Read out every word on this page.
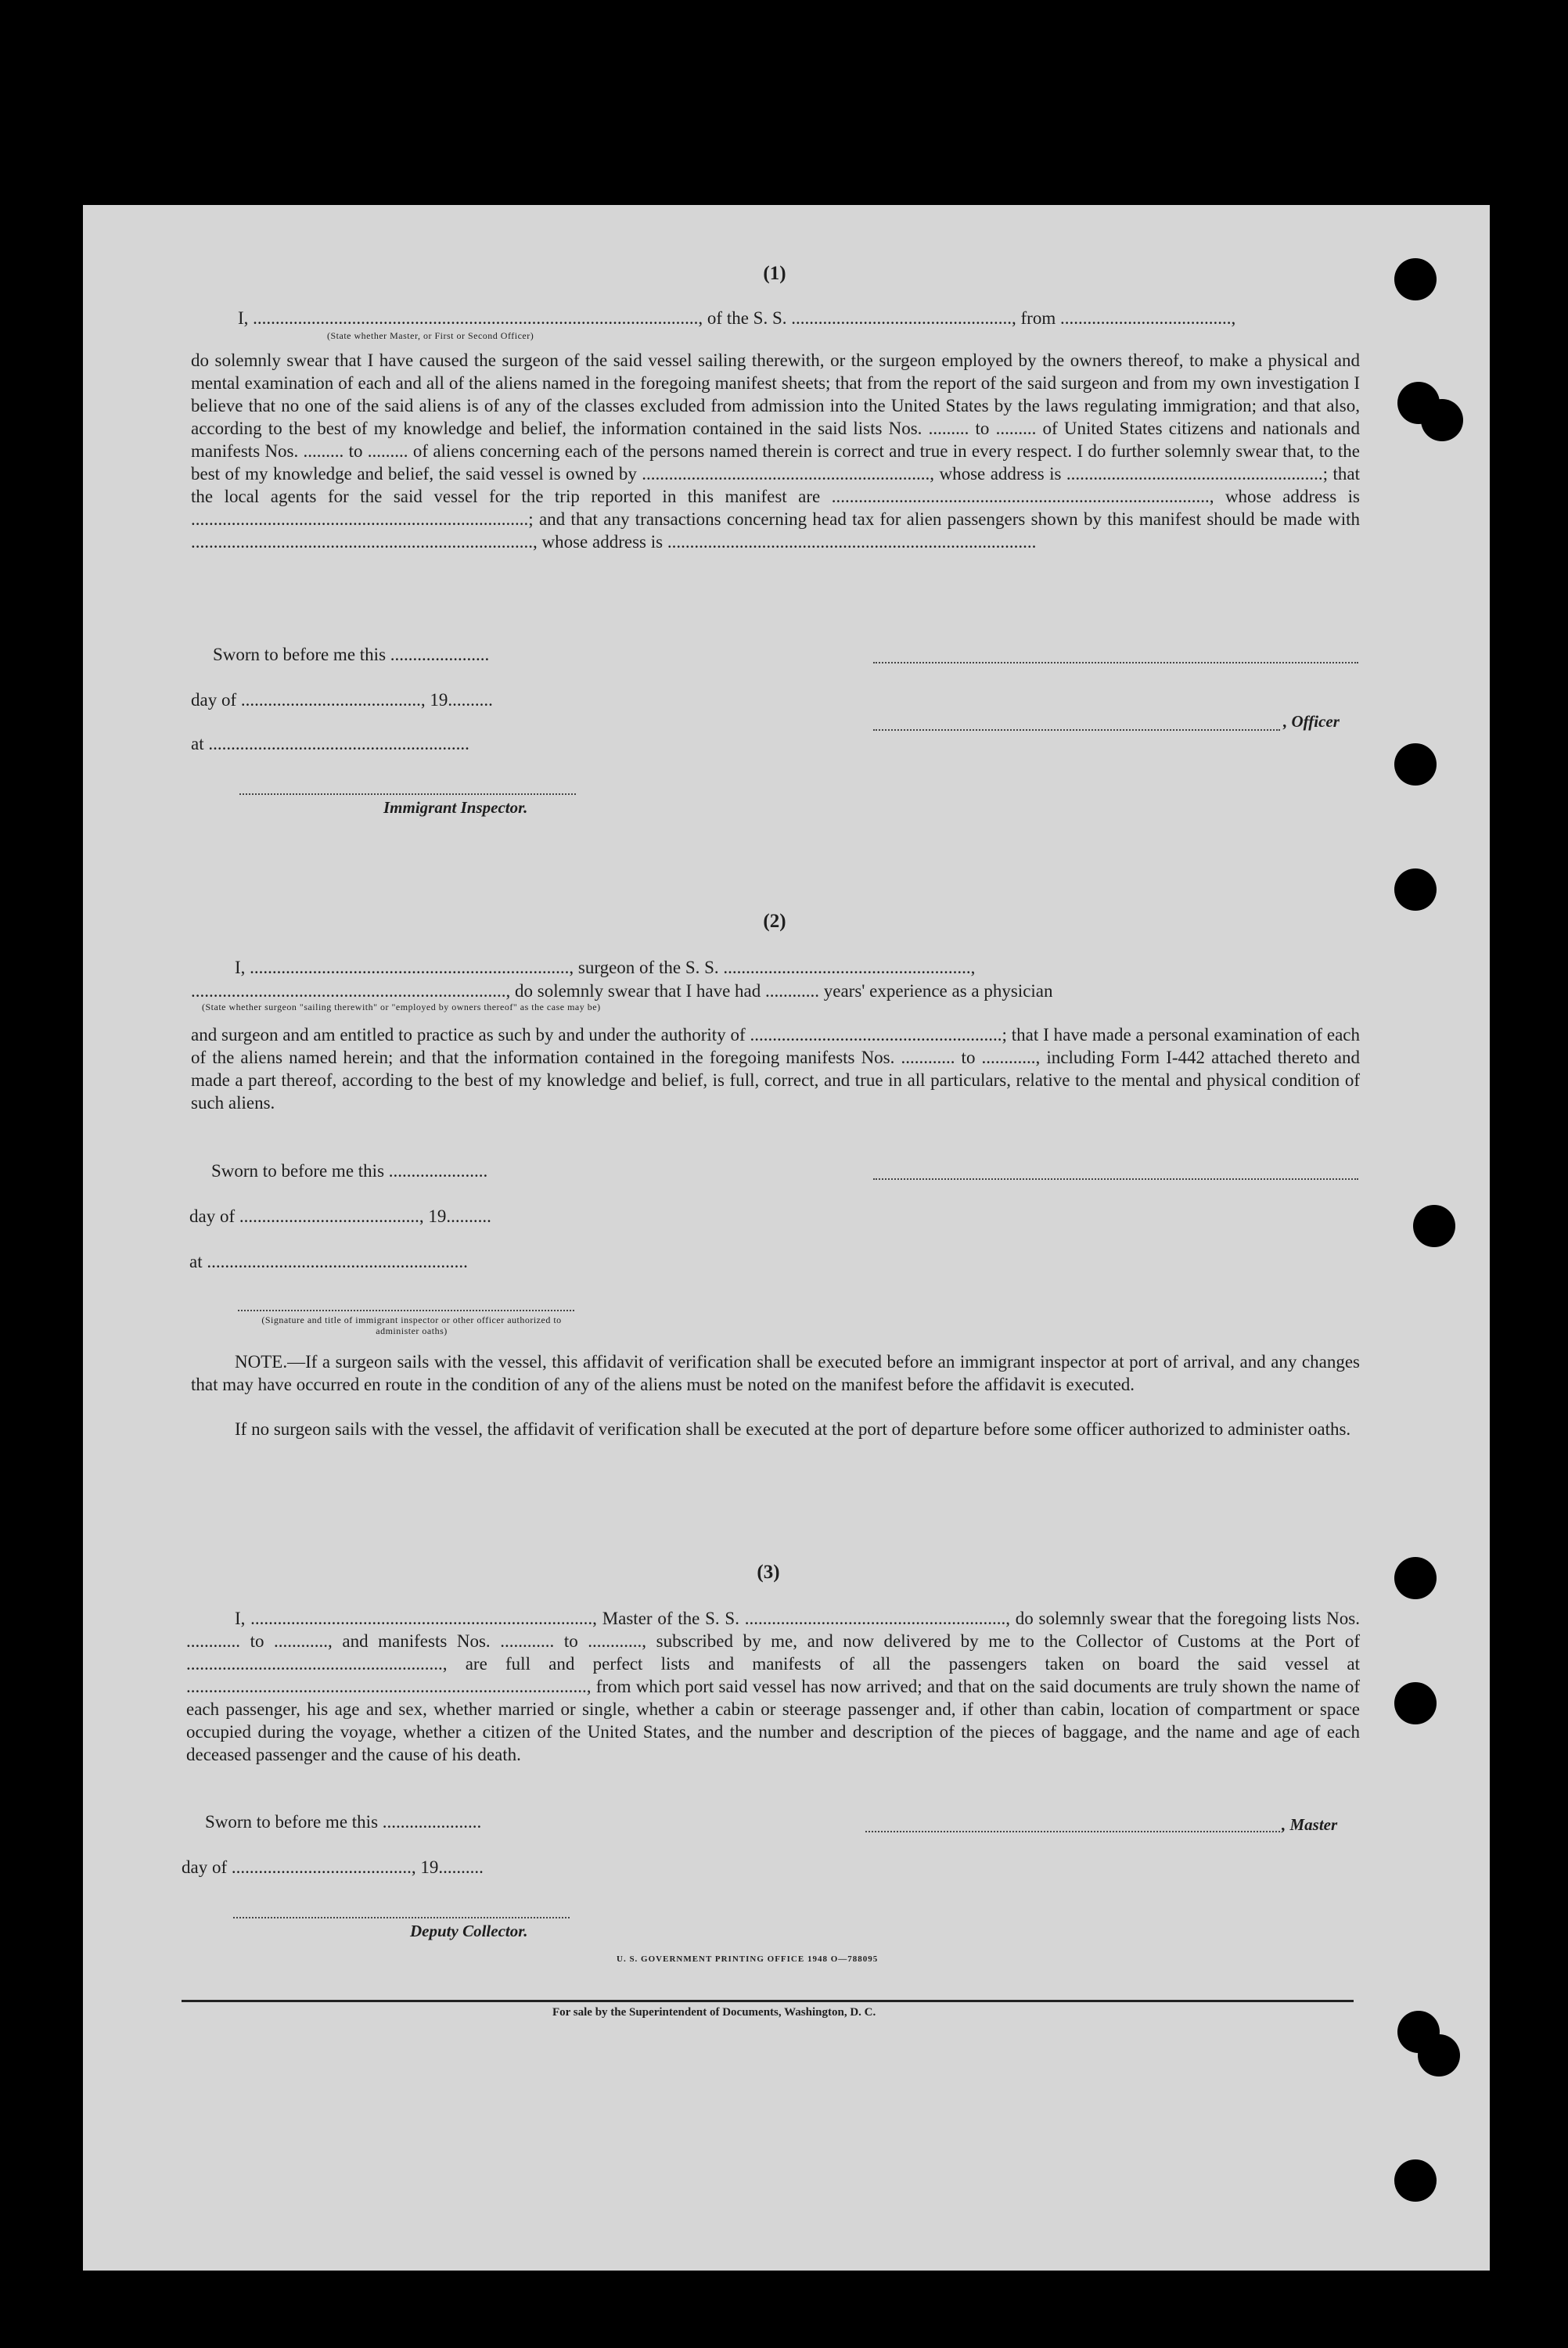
(1)
I, ..................................................................................................., of the S. S. ................................................., from ......................................,
(State whether Master, or First or Second Officer)
do solemnly swear that I have caused the surgeon of the said vessel sailing therewith, or the surgeon employed by the owners thereof, to make a physical and mental examination of each and all of the aliens named in the foregoing manifest sheets; that from the report of the said surgeon and from my own investigation I believe that no one of the said aliens is of any of the classes excluded from admission into the United States by the laws regulating immigration; and that also, according to the best of my knowledge and belief, the information contained in the said lists Nos. ......... to ......... of United States citizens and nationals and manifests Nos. ......... to ......... of aliens concerning each of the persons named therein is correct and true in every respect. I do further solemnly swear that, to the best of my knowledge and belief, the said vessel is owned by ................................................................, whose address is .........................................................; that the local agents for the said vessel for the trip reported in this manifest are ...................................................................................., whose address is ...........................................................................; and that any transactions concerning head tax for alien passengers shown by this manifest should be made with ............................................................................, whose address is ..................................................................................
Sworn to before me this ......................
day of ........................................, 19..........
, Officer
at ..........................................................
Immigrant Inspector.
(2)
I, ......................................................................., surgeon of the S. S. .......................................................,
......................................................................, do solemnly swear that I have had ............ years' experience as a physician
(State whether surgeon "sailing therewith" or "employed by owners thereof" as the case may be)
and surgeon and am entitled to practice as such by and under the authority of ........................................................; that I have made a personal examination of each of the aliens named herein; and that the information contained in the foregoing manifests Nos. ............ to ............, including Form I-442 attached thereto and made a part thereof, according to the best of my knowledge and belief, is full, correct, and true in all particulars, relative to the mental and physical condition of such aliens.
Sworn to before me this ......................
day of ........................................, 19..........
at ..........................................................
(Signature and title of immigrant inspector or other officer authorized to administer oaths)
NOTE.—If a surgeon sails with the vessel, this affidavit of verification shall be executed before an immigrant inspector at port of arrival, and any changes that may have occurred en route in the condition of any of the aliens must be noted on the manifest before the affidavit is executed.
If no surgeon sails with the vessel, the affidavit of verification shall be executed at the port of departure before some officer authorized to administer oaths.
(3)
I, ............................................................................, Master of the S. S. .........................................................., do solemnly swear that the foregoing lists Nos. ............ to ............, and manifests Nos. ............ to ............, subscribed by me, and now delivered by me to the Collector of Customs at the Port of ........................................................., are full and perfect lists and manifests of all the passengers taken on board the said vessel at ........................................................................................., from which port said vessel has now arrived; and that on the said documents are truly shown the name of each passenger, his age and sex, whether married or single, whether a cabin or steerage passenger and, if other than cabin, location of compartment or space occupied during the voyage, whether a citizen of the United States, and the number and description of the pieces of baggage, and the name and age of each deceased passenger and the cause of his death.
Sworn to before me this ......................	, Master
day of ........................................, 19..........
Deputy Collector.
U. S. GOVERNMENT PRINTING OFFICE 1948 O—788095
For sale by the Superintendent of Documents, Washington, D. C.
